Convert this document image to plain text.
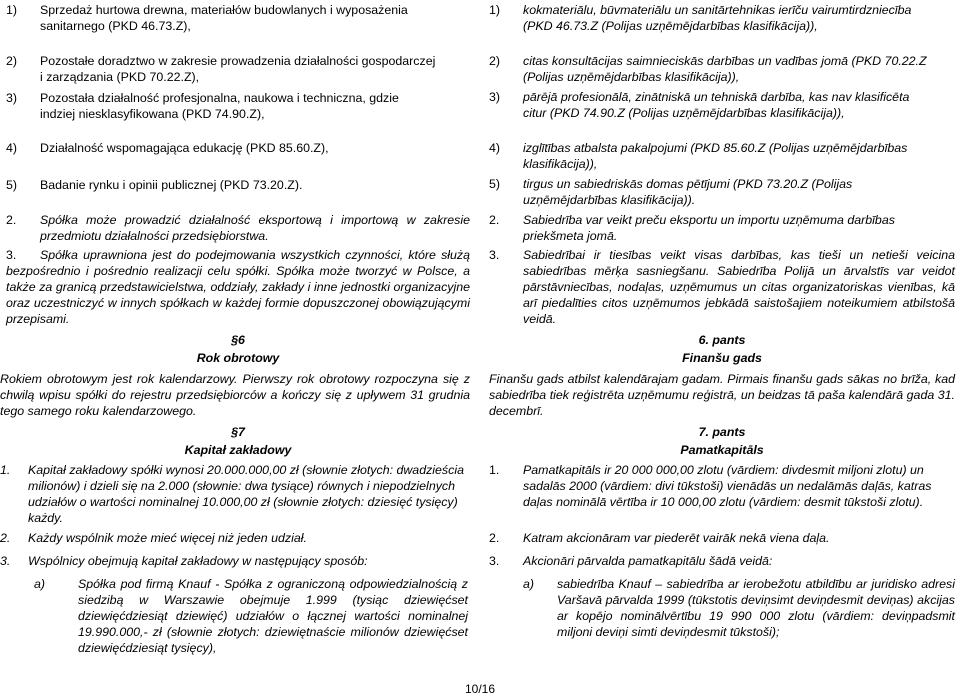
1) Sprzedaż hurtowa drewna, materiałów budowlanych i wyposażenia sanitarnego (PKD 46.73.Z),
2) Pozostałe doradztwo w zakresie prowadzenia działalności gospodarczej i zarządzania (PKD 70.22.Z),
3) Pozostała działalność profesjonalna, naukowa i techniczna, gdzie indziej niesklasyfikowana (PKD 74.90.Z),
4) Działalność wspomagająca edukację (PKD 85.60.Z),
5) Badanie rynku i opinii publicznej (PKD 73.20.Z).
2. Spółka może prowadzić działalność eksportową i importową w zakresie przedmiotu działalności przedsiębiorstwa.
3.	Spółka uprawniona jest do podejmowania wszystkich czynności, które służą bezpośrednio i pośrednio realizacji celu spółki. Spółka może tworzyć w Polsce, a także za granicą przedstawicielstwa, oddziały, zakłady i inne jednostki organizacyjne oraz uczestniczyć w innych spółkach w każdej formie dopuszczonej obowiązującymi przepisami.
§6
Rok obrotowy
Rokiem obrotowym jest rok kalendarzowy. Pierwszy rok obrotowy rozpoczyna się z chwilą wpisu spółki do rejestru przedsiębiorców a kończy się z upływem 31 grudnia tego samego roku kalendarzowego.
§7
Kapitał zakładowy
1. Kapitał zakładowy spółki wynosi 20.000.000,00 zł (słownie złotych: dwadzieścia milionów) i dzieli się na 2.000 (słownie: dwa tysiące) równych i niepodzielnych udziałów o wartości nominalnej 10.000,00 zł (słownie złotych: dziesięć tysięcy) każdy.
2. Każdy wspólnik może mieć więcej niż jeden udział.
3. Wspólnicy obejmują kapitał zakładowy w następujący sposób:
a)	Spółka pod firmą Knauf - Spółka z ograniczoną odpowiedzialnością z siedzibą w Warszawie obejmuje 1.999 (tysiąc dziewięćset dziewięćdziesiąt dziewięć) udziałów o łącznej wartości nominalnej 19.990.000,- zł (słownie złotych: dziewiętnaście milionów dziewięćset dziewięćdziesiąt tysięcy),
1) kokmateriālu, būvmateriālu un sanitārtehnikas ierīču vairumtirdzniecība (PKD 46.73.Z (Polijas uzņēmējdarbības klasifikācija)),
2) citas konsultācijas saimnieciskās darbības un vadības jomā (PKD 70.22.Z (Polijas uzņēmējdarbības klasifikācija)),
3) pārējā profesionālā, zinātniskā un tehniskā darbība, kas nav klasificēta citur (PKD 74.90.Z (Polijas uzņēmējdarbības klasifikācija)),
4) izglītības atbalsta pakalpojumi (PKD 85.60.Z (Polijas uzņēmējdarbības klasifikācija)),
5) tirgus un sabiedriskās domas pētījumi (PKD 73.20.Z (Polijas uzņēmējdarbības klasifikācija)).
2. Sabiedrība var veikt preču eksportu un importu uzņēmuma darbības priekšmeta jomā.
3. Sabiedrībai ir tiesības veikt visas darbības, kas tieši un netieši veicina sabiedrības mērķa sasniegšanu. Sabiedrība Polijā un ārvalstīs var veidot pārstāvniecības, nodaļas, uzņēmumus un citas organizatoriskas vienības, kā arī piedalīties citos uzņēmumos jebkādā saistošajiem noteikumiem atbilstošā veidā.
6. pants
Finanšu gads
Finanšu gads atbilst kalendārajam gadam. Pirmais finanšu gads sākas no brīža, kad sabiedrība tiek reģistrēta uzņēmumu reģistrā, un beidzas tā paša kalendārā gada 31. decembrī.
7. pants
Pamatkapitāls
1. Pamatkapitāls ir 20 000 000,00 zlotu (vārdiem: divdesmit miljoni zlotu) un sadalās 2000 (vārdiem: divi tūkstoši) vienādās un nedalāmās daļās, katras daļas nominālā vērtība ir 10 000,00 zlotu (vārdiem: desmit tūkstoši zlotu).
2. Katram akcionāram var piederēt vairāk nekā viena daļa.
3. Akcionāri pārvalda pamatkapitālu šādā veidā:
a) sabiedrība Knauf – sabiedrība ar ierobežotu atbildību ar juridisko adresi Varšavā pārvalda 1999 (tūkstotis deviņsimt deviņdesmit deviņas) akcijas ar kopējo nominālvērtību 19 990 000 zlotu (vārdiem: deviņpadsmit miljoni deviņi simti deviņdesmit tūkstoši);
10/16
